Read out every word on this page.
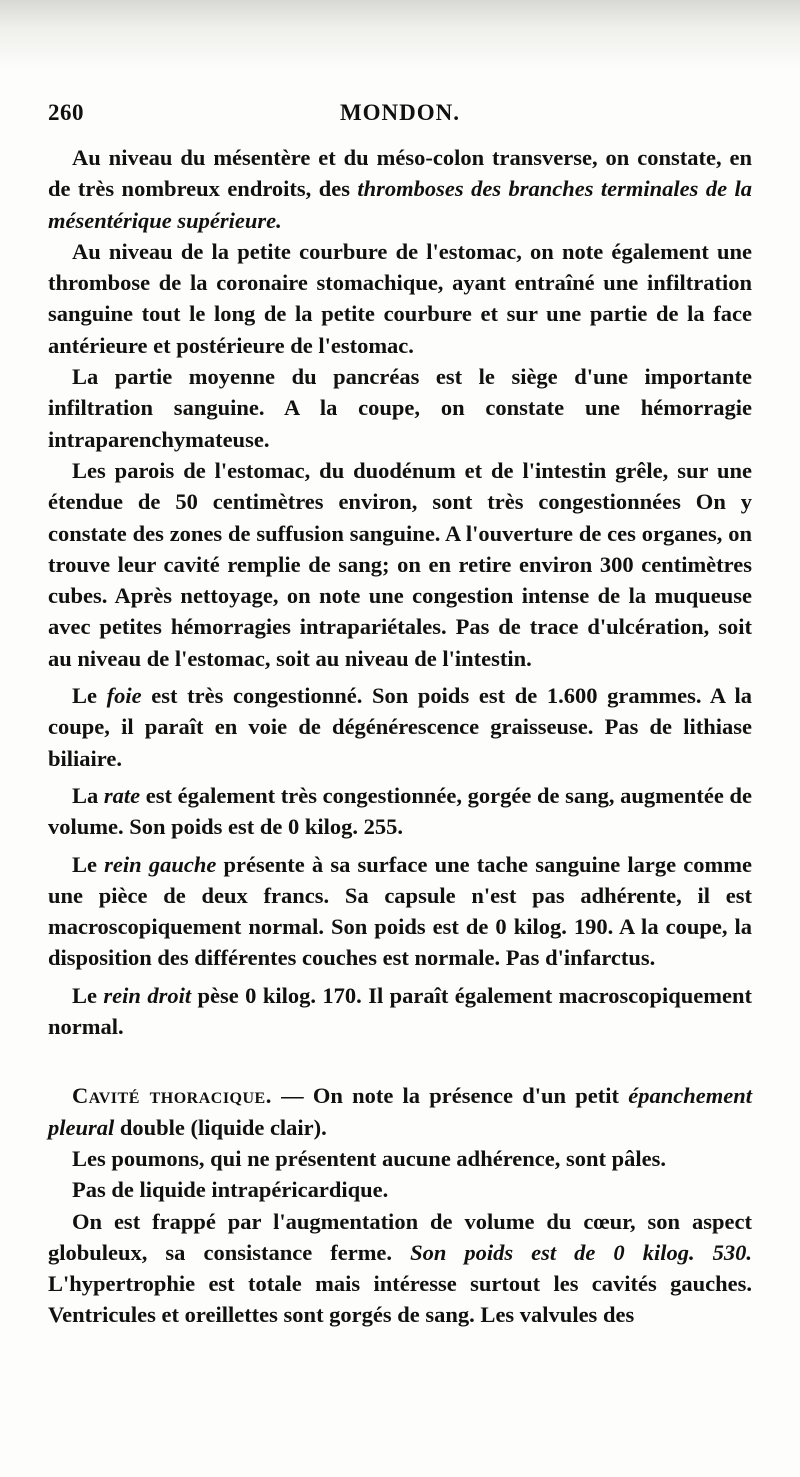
260	MONDON.

Au niveau du mésentère et du méso-colon transverse, on constate, en de très nombreux endroits, des thromboses des branches terminales de la mésentérique supérieure.

Au niveau de la petite courbure de l'estomac, on note également une thrombose de la coronaire stomachique, ayant entraîné une infiltration sanguine tout le long de la petite courbure et sur une partie de la face antérieure et postérieure de l'estomac.

La partie moyenne du pancréas est le siège d'une importante infiltration sanguine. A la coupe, on constate une hémorragie intraparenchymateuse.

Les parois de l'estomac, du duodénum et de l'intestin grêle, sur une étendue de 50 centimètres environ, sont très congestionnées On y constate des zones de suffusion sanguine. A l'ouverture de ces organes, on trouve leur cavité remplie de sang; on en retire environ 300 centimètres cubes. Après nettoyage, on note une congestion intense de la muqueuse avec petites hémorragies intrapariétales. Pas de trace d'ulcération, soit au niveau de l'estomac, soit au niveau de l'intestin.

Le foie est très congestionné. Son poids est de 1.600 grammes. A la coupe, il paraît en voie de dégénérescence graisseuse. Pas de lithiase biliaire.

La rate est également très congestionnée, gorgée de sang, augmentée de volume. Son poids est de 0 kilog. 255.

Le rein gauche présente à sa surface une tache sanguine large comme une pièce de deux francs. Sa capsule n'est pas adhérente, il est macroscopiquement normal. Son poids est de 0 kilog. 190. A la coupe, la disposition des différentes couches est normale. Pas d'infarctus.

Le rein droit pèse 0 kilog. 170. Il paraît également macroscopiquement normal.

Cavité thoracique. — On note la présence d'un petit épanchement pleural double (liquide clair).

Les poumons, qui ne présentent aucune adhérence, sont pâles.

Pas de liquide intrapéricardique.

On est frappé par l'augmentation de volume du cœur, son aspect globuleux, sa consistance ferme. Son poids est de 0 kilog. 530. L'hypertrophie est totale mais intéresse surtout les cavités gauches. Ventricules et oreillettes sont gorgés de sang. Les valvules des
